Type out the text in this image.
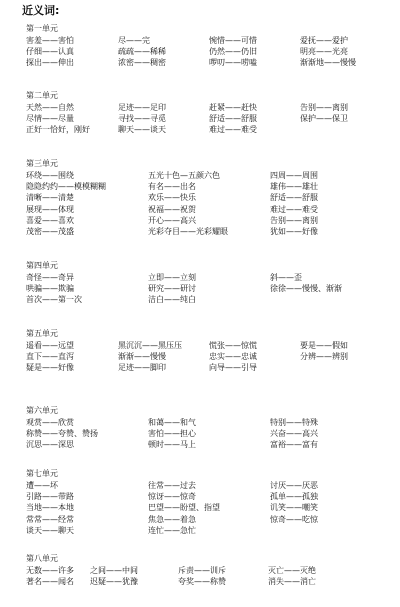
近义词:
第一单元
害羞——害怕	尽——完	惋惜——可惜	爱抚——爱护
仔细——认真	疏疏——稀稀	仍然——仍旧	明亮——光亮
探出——伸出	浓密——稠密	啰叨——唠嗑	渐渐地——慢慢
第二单元
天然——自然	足迹——足印	赶紧——赶快	告别——离别
尽情——尽量	寻找——寻觅	舒适——舒服	保护——保卫
正好一恰好，刚好	聊天——谈天	难过——难受
第三单元
环绕——围绕	五光十色—五颜六色	四周——周围
隐隐约约——模模糊糊	有名——出名	雄伟——雄壮
清晰——清楚	欢乐——快乐	舒适——舒服
展现——体现	祝福——祝贺	难过——难受
喜爱——喜欢	开心——高兴	告别——离别
茂密——茂盛	光彩夺目——光彩耀眼	犹如——好像
第四单元
奇怪——奇异	立即——立刻	斜——歪
哄骗——欺骗	研究——研讨	徐徐——慢慢、渐渐
首次——第一次	洁白——纯白
第五单元
遥看——远望	黑沉沉——黑压压	慌张——惊慌	要是——假如
直下——直泻	渐渐——慢慢	忠实——忠诚	分辨——辨别
疑是——好像	足迹——脚印	向导——引导
第六单元
观赏——欣赏	和蔼——和气	特别——特殊
称赞——夸赞、赞扬	害怕——担心	兴奋——高兴
沉思——深思	顿时——马上	富裕——富有
第七单元
遭——坏	往常——过去	讨厌——厌恶
引路——带路	惊讶——惊奇	孤单——孤独
当地——本地	巴望——盼望、指望	讥笑——嘲笑
常常——经常	焦急——着急	惊奇——吃惊
谈天——聊天	连忙——急忙
第八单元
无数——许多 之间——中间	斥责——训斥	灭亡——灭绝
著名——闻名 迟疑——犹豫	夸奖——称赞	消失——消亡
